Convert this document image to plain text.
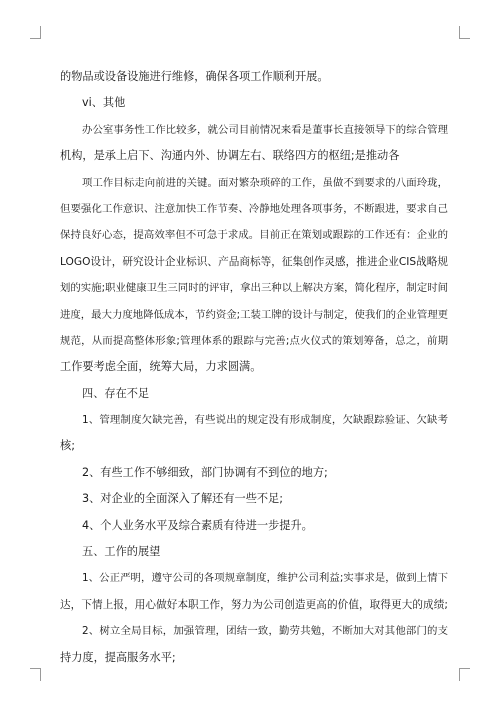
的物品或设备设施进行维修，确保各项工作顺利开展。

vi、其他

办公室事务性工作比较多，就公司目前情况来看是董事长直接领导下的综合管理

机构，是承上启下、沟通内外、协调左右、联络四方的枢纽;是推动各

项工作目标走向前进的关键。面对繁杂琐碎的工作，虽做不到要求的八面玲珑，

但要强化工作意识、注意加快工作节奏、冷静地处理各项事务，不断跟进，要求自己

保持良好心态，提高效率但不可急于求成。目前正在策划或跟踪的工作还有：企业的

LOGO设计，研究设计企业标识、产品商标等，征集创作灵感，推进企业CIS战略规

划的实施;职业健康卫生三同时的评审，拿出三种以上解决方案，简化程序，制定时间

进度，最大力度地降低成本，节约资金;工装工牌的设计与制定，使我们的企业管理更

规范，从而提高整体形象;管理体系的跟踪与完善;点火仪式的策划筹备，总之，前期

工作要考虑全面，统筹大局，力求圆满。

四、存在不足

1、管理制度欠缺完善，有些说出的规定没有形成制度，欠缺跟踪验证、欠缺考

核;

2、有些工作不够细致，部门协调有不到位的地方;

3、对企业的全面深入了解还有一些不足;

4、个人业务水平及综合素质有待进一步提升。

五、工作的展望

1、公正严明，遵守公司的各项规章制度，维护公司利益;实事求是，做到上情下

达，下情上报，用心做好本职工作，努力为公司创造更高的价值，取得更大的成绩;

2、树立全局目标，加强管理，团结一致，勤劳共勉，不断加大对其他部门的支

持力度，提高服务水平;
